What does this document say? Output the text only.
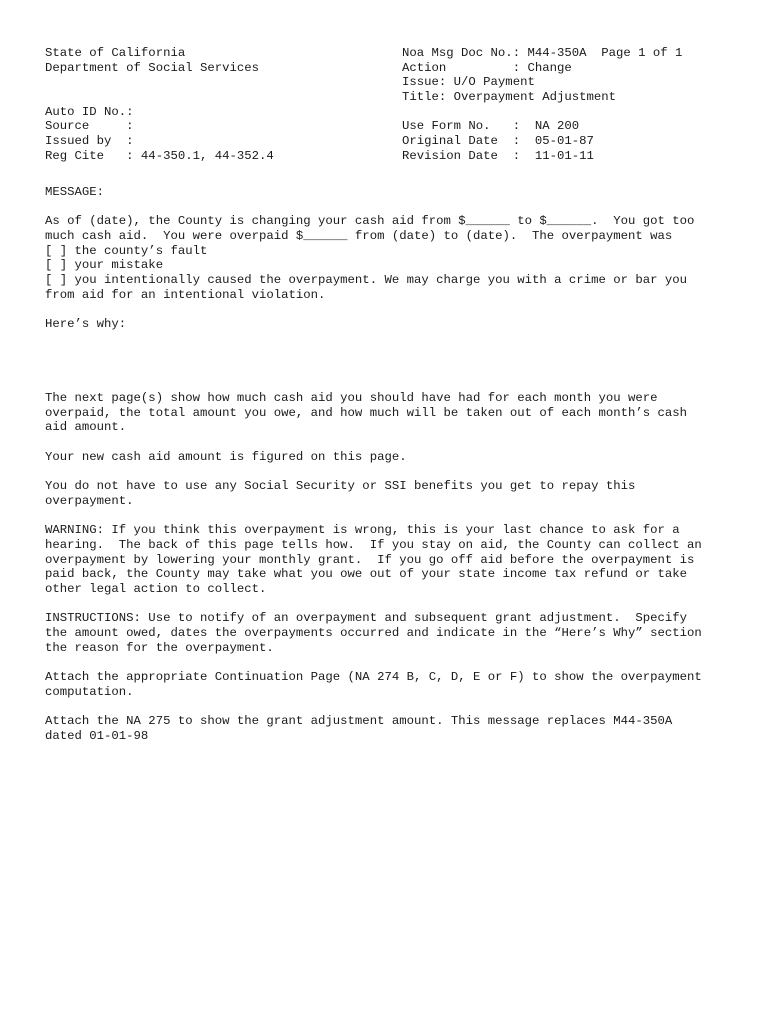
State of California
Department of Social Services
Auto ID No.:
Source     :
Issued by  :
Reg Cite   : 44-350.1, 44-352.4
Noa Msg Doc No.: M44-350A  Page 1 of 1
Action         : Change
Issue: U/O Payment
Title: Overpayment Adjustment
Use Form No.   :  NA 200
Original Date  :  05-01-87
Revision Date  :  11-01-11
MESSAGE:
As of (date), the County is changing your cash aid from $______ to $______.  You got too
much cash aid.  You were overpaid $______ from (date) to (date).  The overpayment was
[ ] the county’s fault
[ ] your mistake
[ ] you intentionally caused the overpayment. We may charge you with a crime or bar you
from aid for an intentional violation.
Here’s why:

The next page(s) show how much cash aid you should have had for each month you were
overpaid, the total amount you owe, and how much will be taken out of each month’s cash
aid amount.

Your new cash aid amount is figured on this page.

You do not have to use any Social Security or SSI benefits you get to repay this
overpayment.

WARNING: If you think this overpayment is wrong, this is your last chance to ask for a
hearing.  The back of this page tells how.  If you stay on aid, the County can collect an
overpayment by lowering your monthly grant.  If you go off aid before the overpayment is
paid back, the County may take what you owe out of your state income tax refund or take
other legal action to collect.

INSTRUCTIONS: Use to notify of an overpayment and subsequent grant adjustment.  Specify
the amount owed, dates the overpayments occurred and indicate in the “Here’s Why” section
the reason for the overpayment.

Attach the appropriate Continuation Page (NA 274 B, C, D, E or F) to show the overpayment
computation.

Attach the NA 275 to show the grant adjustment amount. This message replaces M44-350A
dated 01-01-98
